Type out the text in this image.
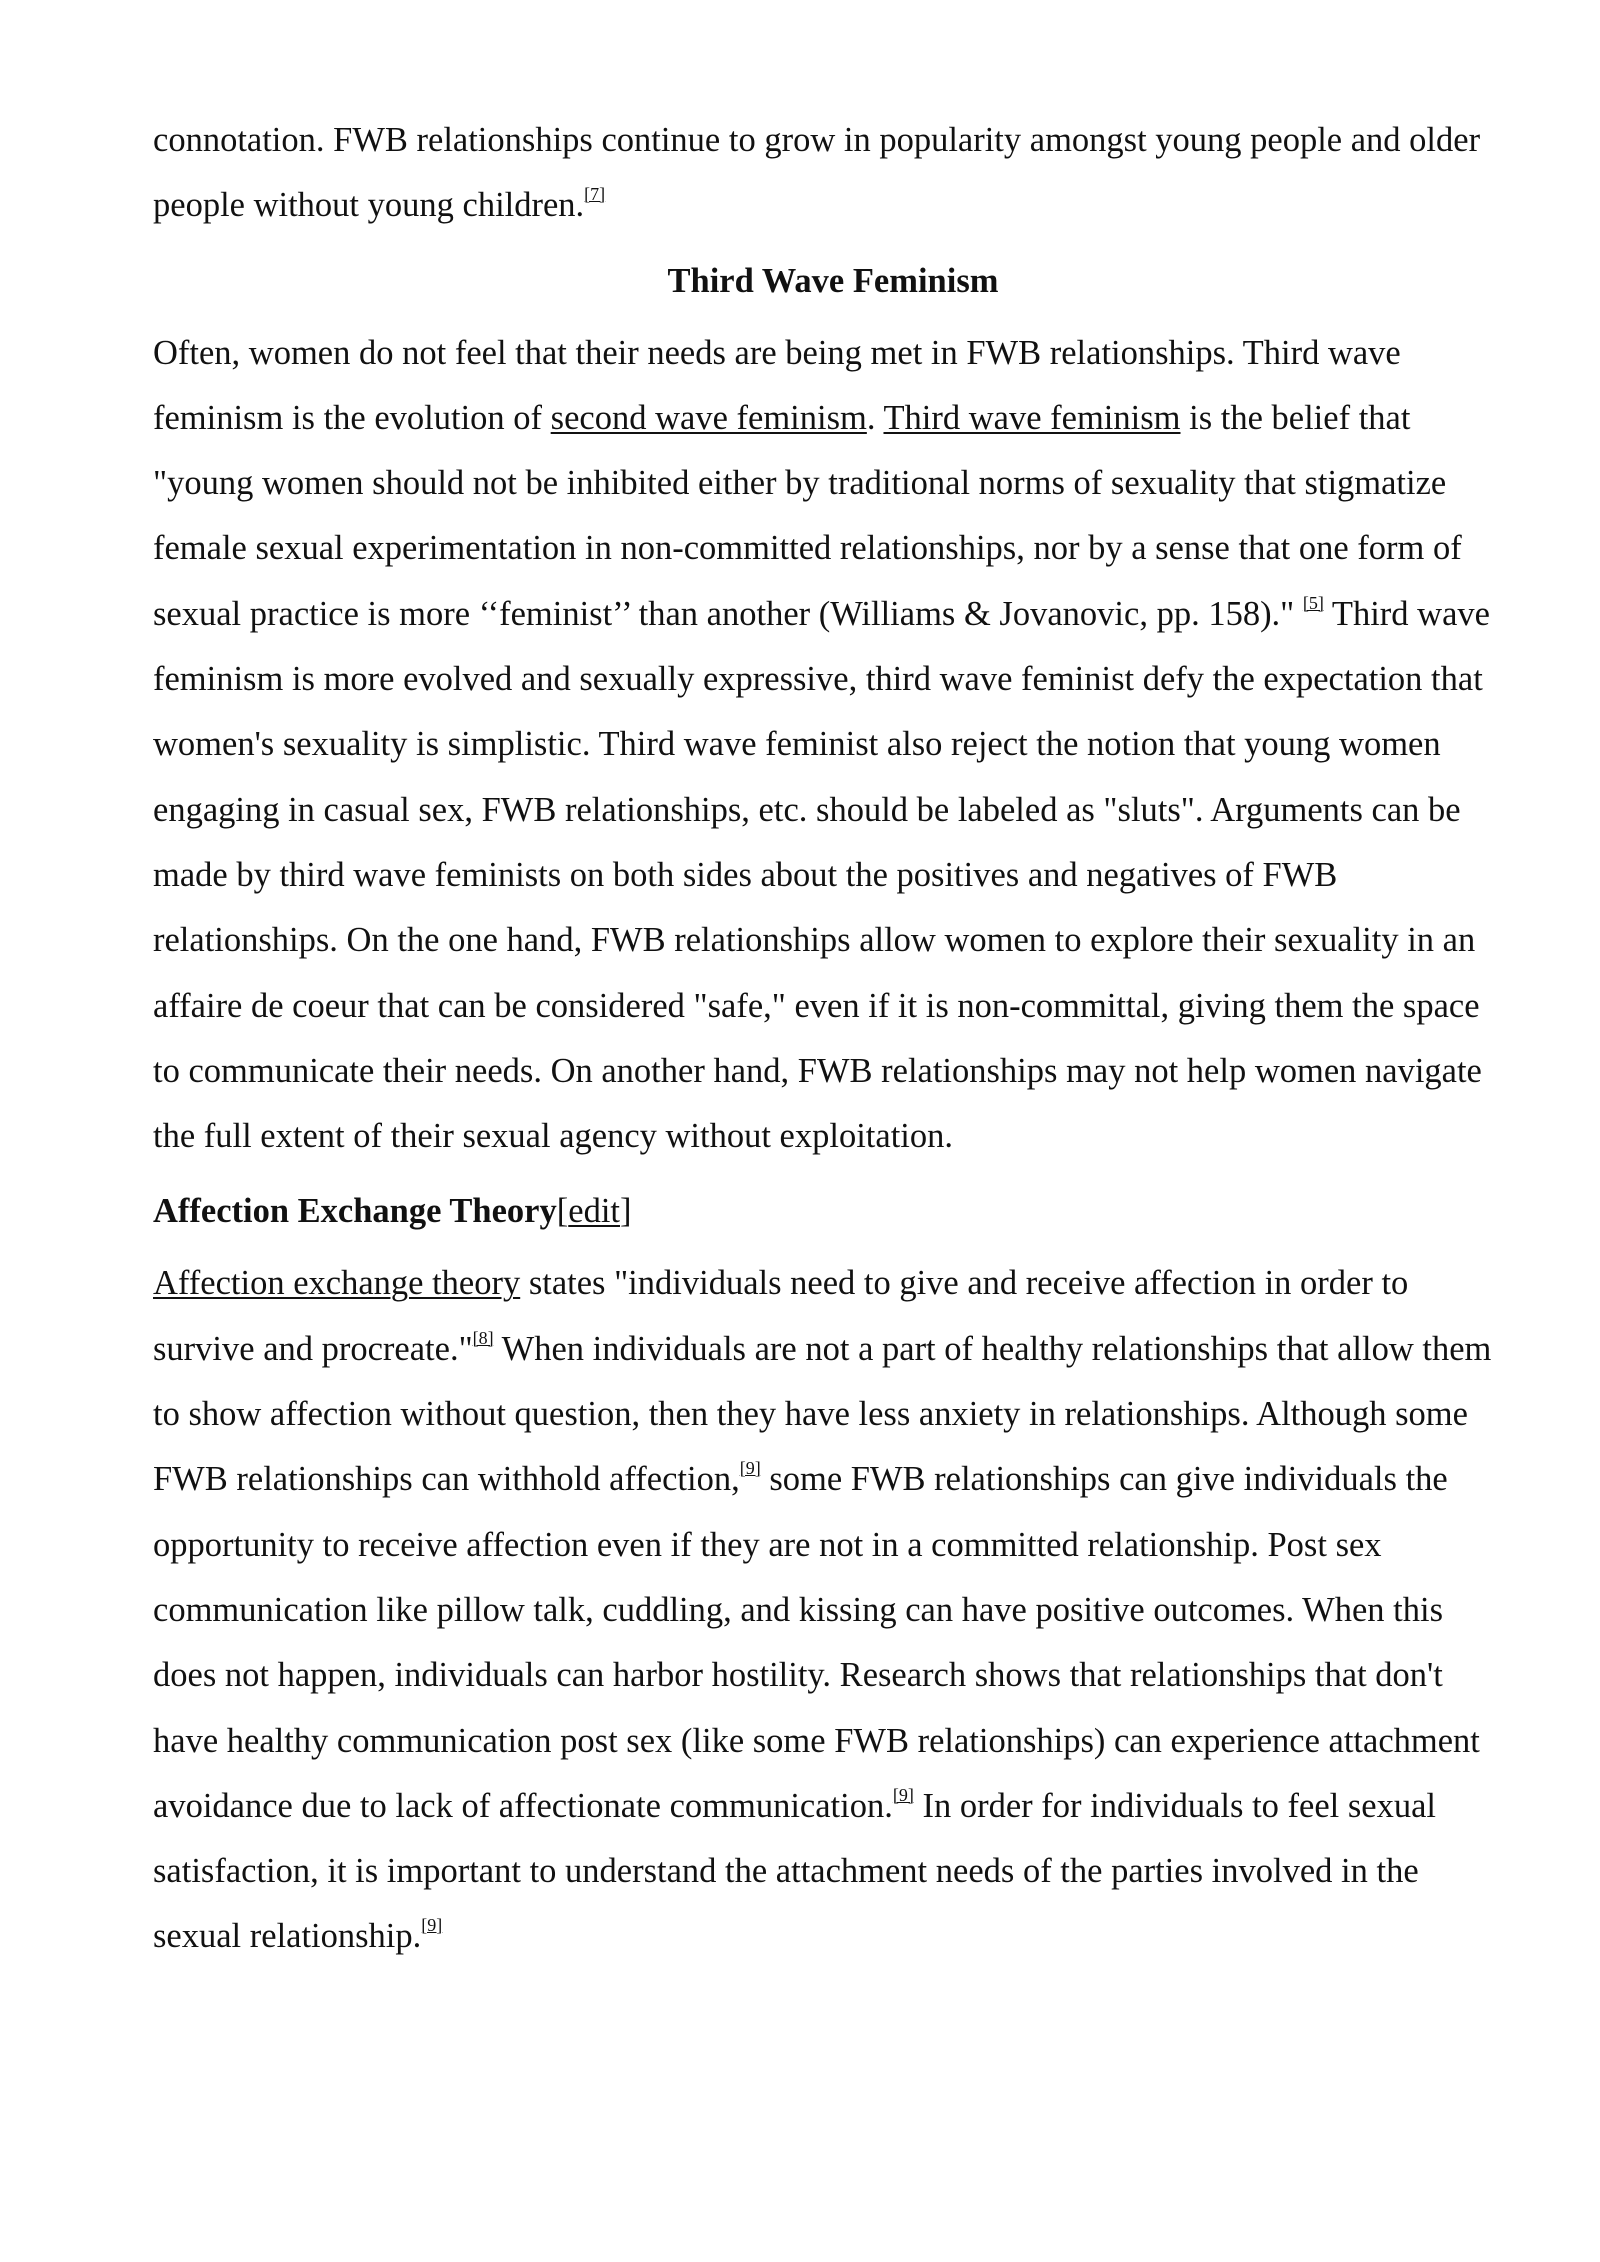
connotation. FWB relationships continue to grow in popularity amongst young people and older people without young children.[7]

Third Wave Feminism

Often, women do not feel that their needs are being met in FWB relationships. Third wave feminism is the evolution of second wave feminism. Third wave feminism is the belief that "young women should not be inhibited either by traditional norms of sexuality that stigmatize female sexual experimentation in non-committed relationships, nor by a sense that one form of sexual practice is more ‘‘feminist’’ than another (Williams & Jovanovic, pp. 158)." [5] Third wave feminism is more evolved and sexually expressive, third wave feminist defy the expectation that women's sexuality is simplistic. Third wave feminist also reject the notion that young women engaging in casual sex, FWB relationships, etc. should be labeled as "sluts". Arguments can be made by third wave feminists on both sides about the positives and negatives of FWB relationships. On the one hand, FWB relationships allow women to explore their sexuality in an affaire de coeur that can be considered "safe," even if it is non-committal, giving them the space to communicate their needs. On another hand, FWB relationships may not help women navigate the full extent of their sexual agency without exploitation.

Affection Exchange Theory[edit]

Affection exchange theory states "individuals need to give and receive affection in order to survive and procreate."[8] When individuals are not a part of healthy relationships that allow them to show affection without question, then they have less anxiety in relationships. Although some FWB relationships can withhold affection,[9] some FWB relationships can give individuals the opportunity to receive affection even if they are not in a committed relationship. Post sex communication like pillow talk, cuddling, and kissing can have positive outcomes. When this does not happen, individuals can harbor hostility. Research shows that relationships that don't have healthy communication post sex (like some FWB relationships) can experience attachment avoidance due to lack of affectionate communication.[9] In order for individuals to feel sexual satisfaction, it is important to understand the attachment needs of the parties involved in the sexual relationship.[9]
